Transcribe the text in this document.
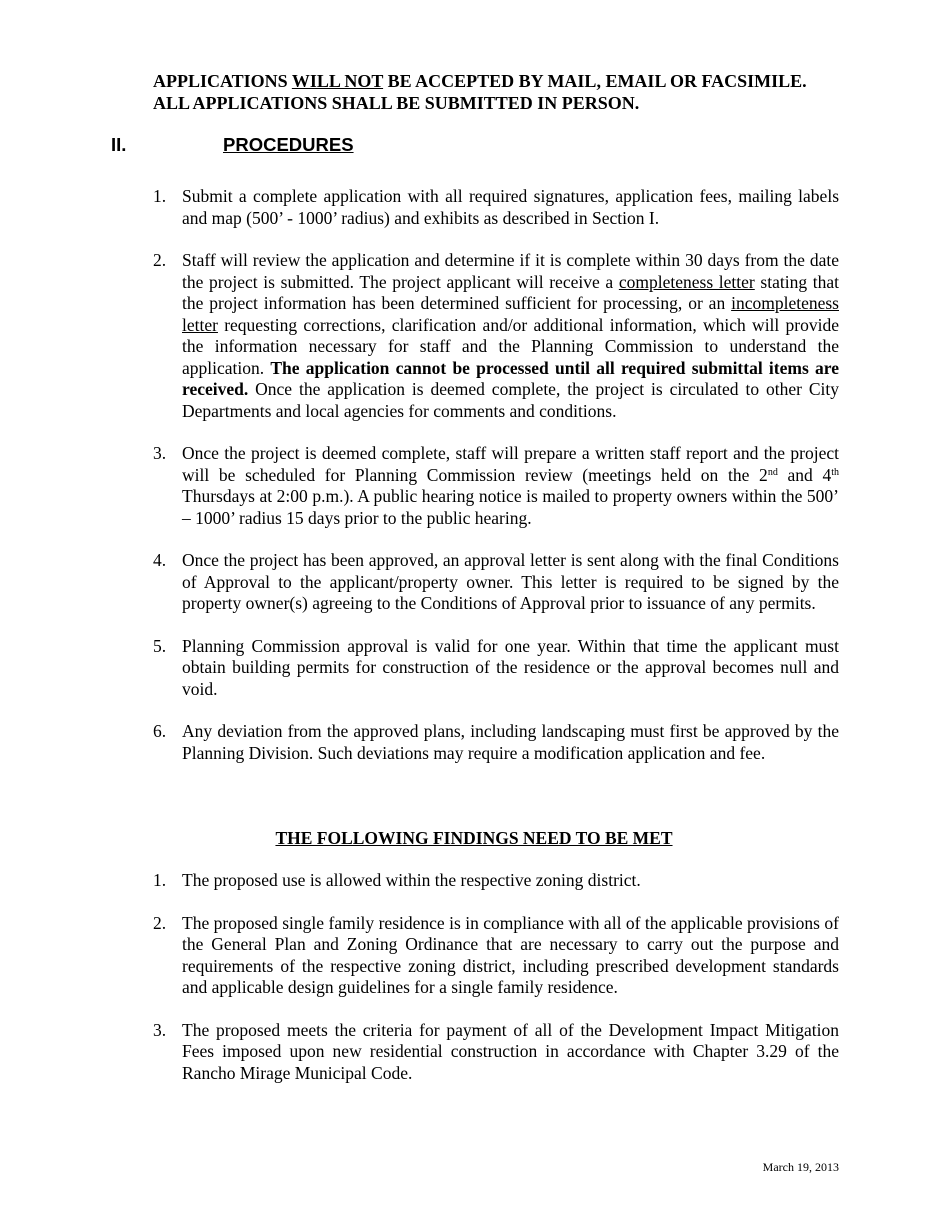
APPLICATIONS WILL NOT BE ACCEPTED BY MAIL, EMAIL OR FACSIMILE.
ALL APPLICATIONS SHALL BE SUBMITTED IN PERSON.
II.	PROCEDURES
1. Submit a complete application with all required signatures, application fees, mailing labels and map (500’ - 1000’ radius) and exhibits as described in Section I.
2. Staff will review the application and determine if it is complete within 30 days from the date the project is submitted. The project applicant will receive a completeness letter stating that the project information has been determined sufficient for processing, or an incompleteness letter requesting corrections, clarification and/or additional information, which will provide the information necessary for staff and the Planning Commission to understand the application. The application cannot be processed until all required submittal items are received. Once the application is deemed complete, the project is circulated to other City Departments and local agencies for comments and conditions.
3. Once the project is deemed complete, staff will prepare a written staff report and the project will be scheduled for Planning Commission review (meetings held on the 2nd and 4th Thursdays at 2:00 p.m.). A public hearing notice is mailed to property owners within the 500’ – 1000’ radius 15 days prior to the public hearing.
4. Once the project has been approved, an approval letter is sent along with the final Conditions of Approval to the applicant/property owner. This letter is required to be signed by the property owner(s) agreeing to the Conditions of Approval prior to issuance of any permits.
5. Planning Commission approval is valid for one year. Within that time the applicant must obtain building permits for construction of the residence or the approval becomes null and void.
6. Any deviation from the approved plans, including landscaping must first be approved by the Planning Division. Such deviations may require a modification application and fee.
THE FOLLOWING FINDINGS NEED TO BE MET
1. The proposed use is allowed within the respective zoning district.
2. The proposed single family residence is in compliance with all of the applicable provisions of the General Plan and Zoning Ordinance that are necessary to carry out the purpose and requirements of the respective zoning district, including prescribed development standards and applicable design guidelines for a single family residence.
3. The proposed meets the criteria for payment of all of the Development Impact Mitigation Fees imposed upon new residential construction in accordance with Chapter 3.29 of the Rancho Mirage Municipal Code.
March 19, 2013
